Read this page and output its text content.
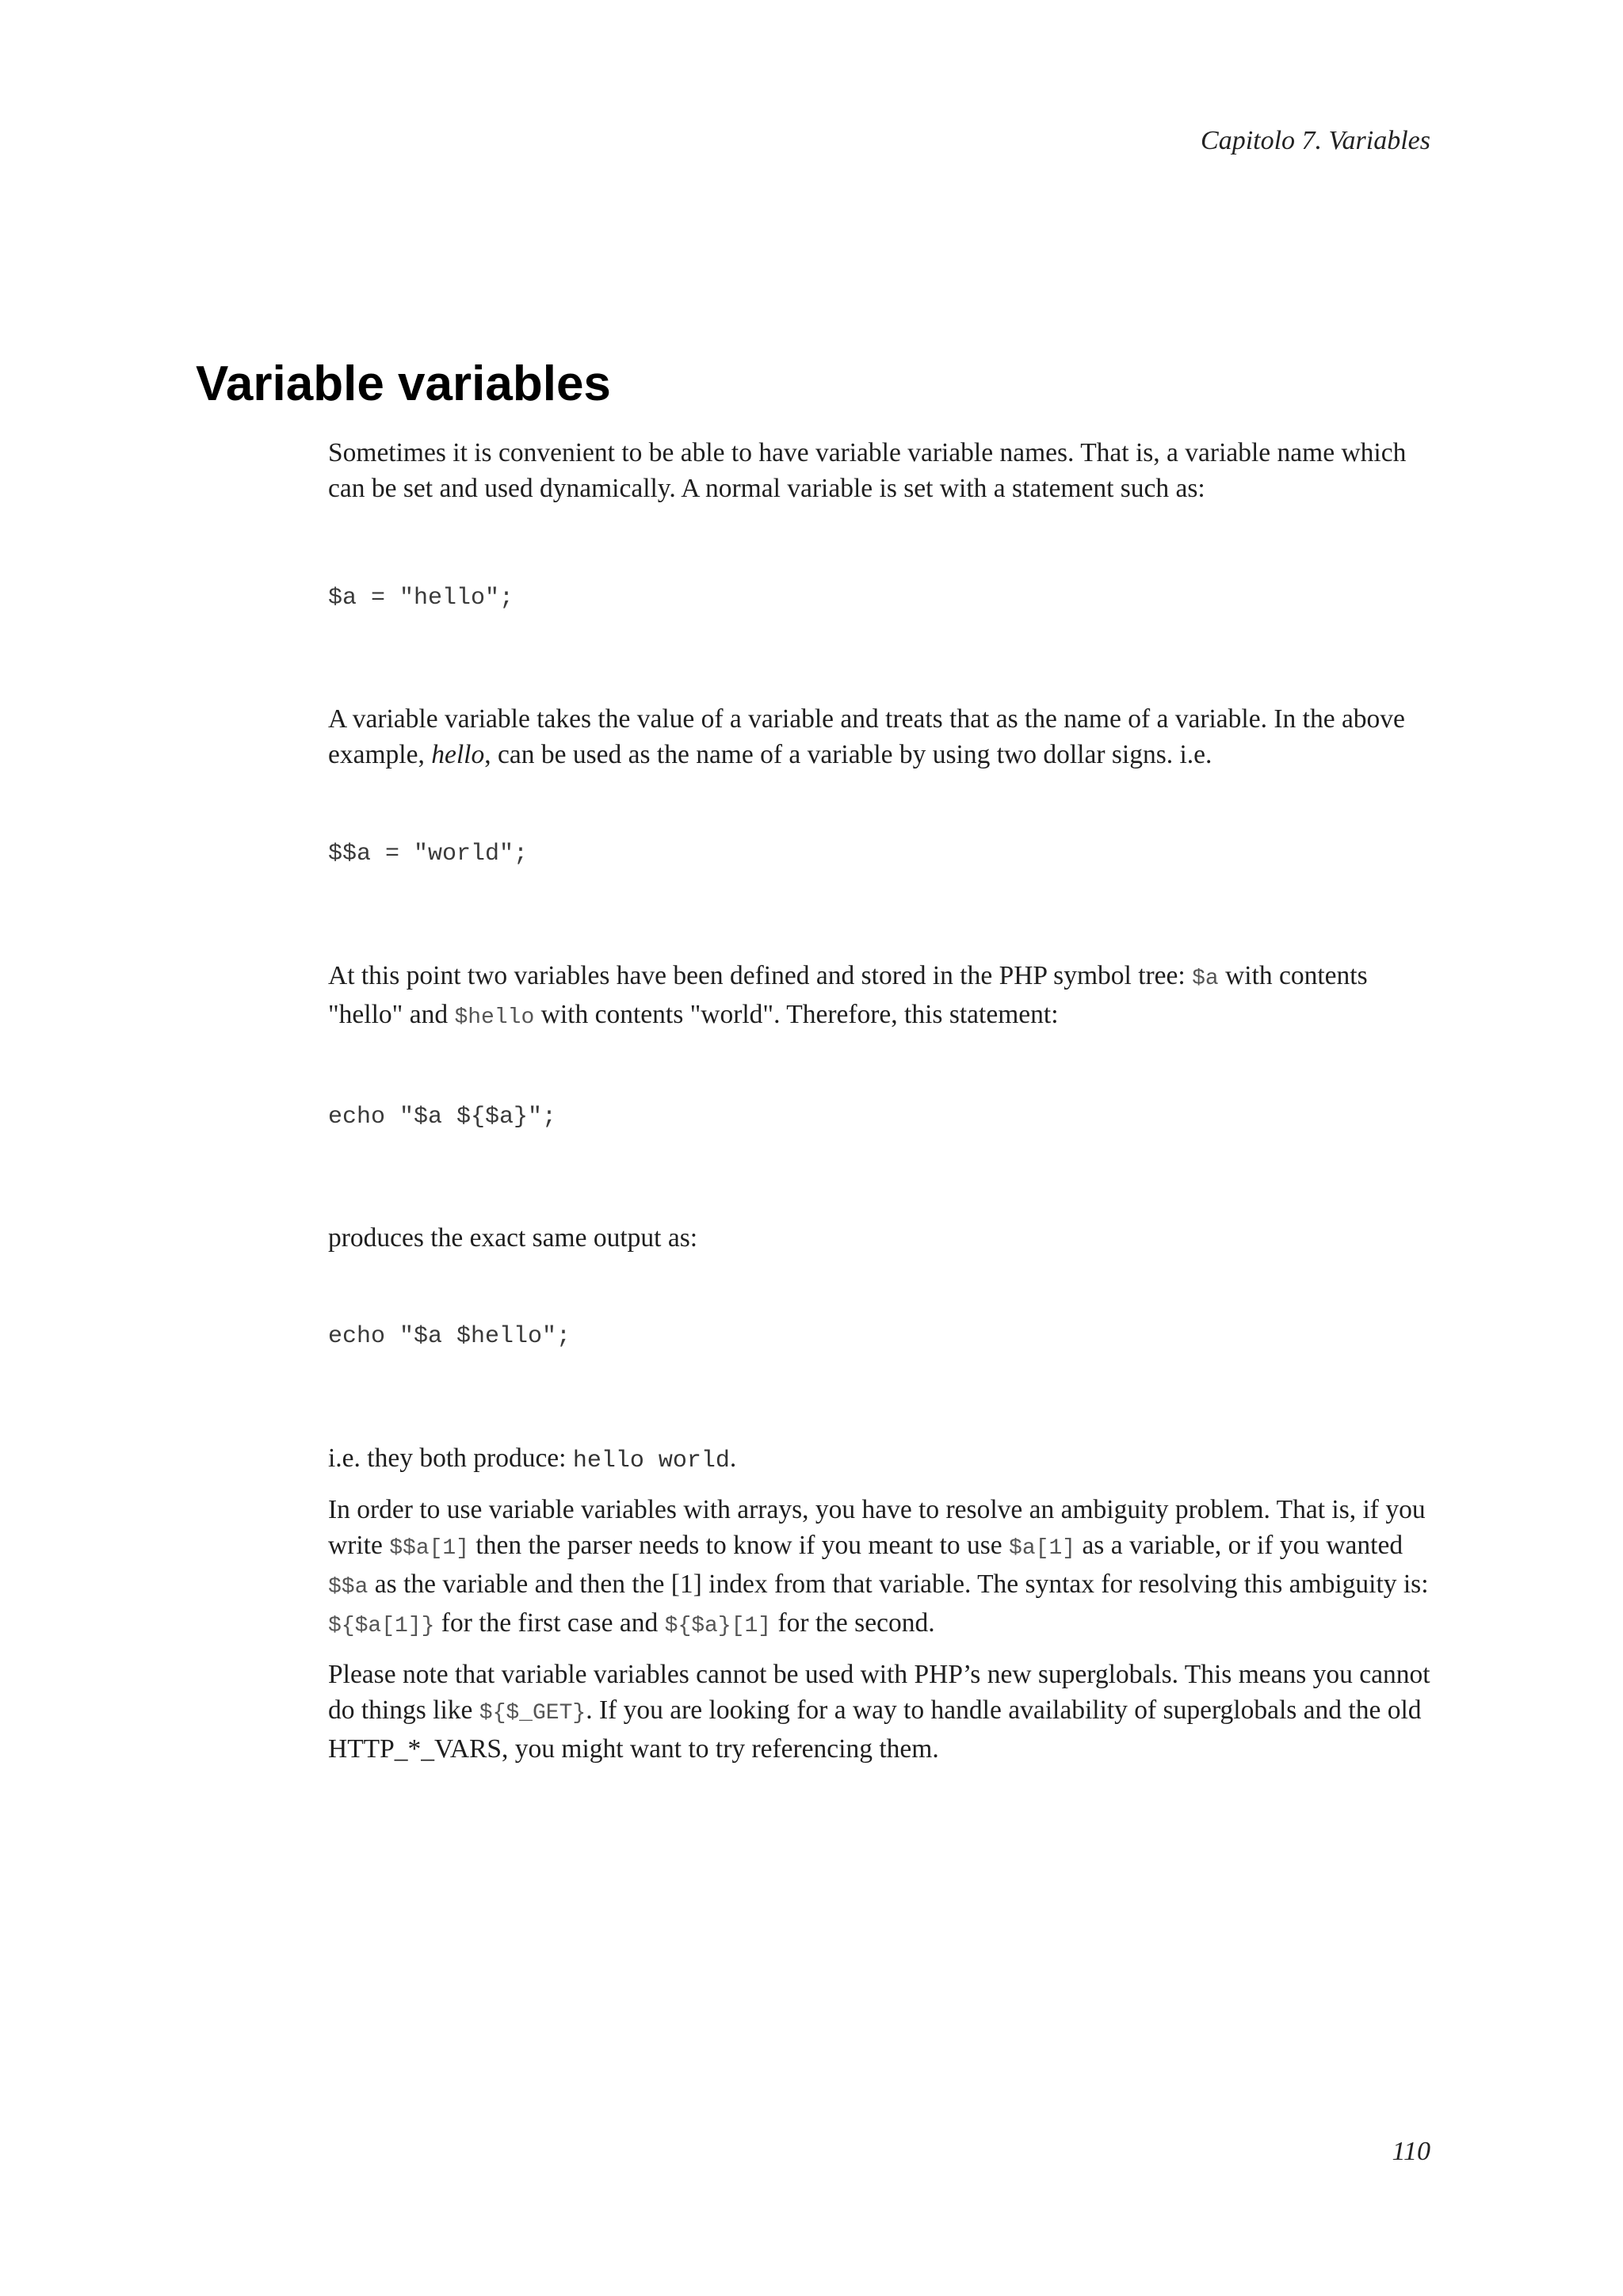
Capitolo 7. Variables
Variable variables

Sometimes it is convenient to be able to have variable variable names. That is, a variable name which can be set and used dynamically. A normal variable is set with a statement such as:

$a = "hello";

A variable variable takes the value of a variable and treats that as the name of a variable. In the above example, hello, can be used as the name of a variable by using two dollar signs. i.e.

$$a = "world";

At this point two variables have been defined and stored in the PHP symbol tree: $a with contents "hello" and $hello with contents "world". Therefore, this statement:

echo "$a ${$a}";

produces the exact same output as:

echo "$a $hello";

i.e. they both produce: hello world.

In order to use variable variables with arrays, you have to resolve an ambiguity problem. That is, if you write $$a[1] then the parser needs to know if you meant to use $a[1] as a variable, or if you wanted $$a as the variable and then the [1] index from that variable. The syntax for resolving this ambiguity is: ${$a[1]} for the first case and ${$a}[1] for the second.

Please note that variable variables cannot be used with PHP’s new superglobals. This means you cannot do things like ${$_GET}. If you are looking for a way to handle availability of superglobals and the old HTTP_*_VARS, you might want to try referencing them.

110
